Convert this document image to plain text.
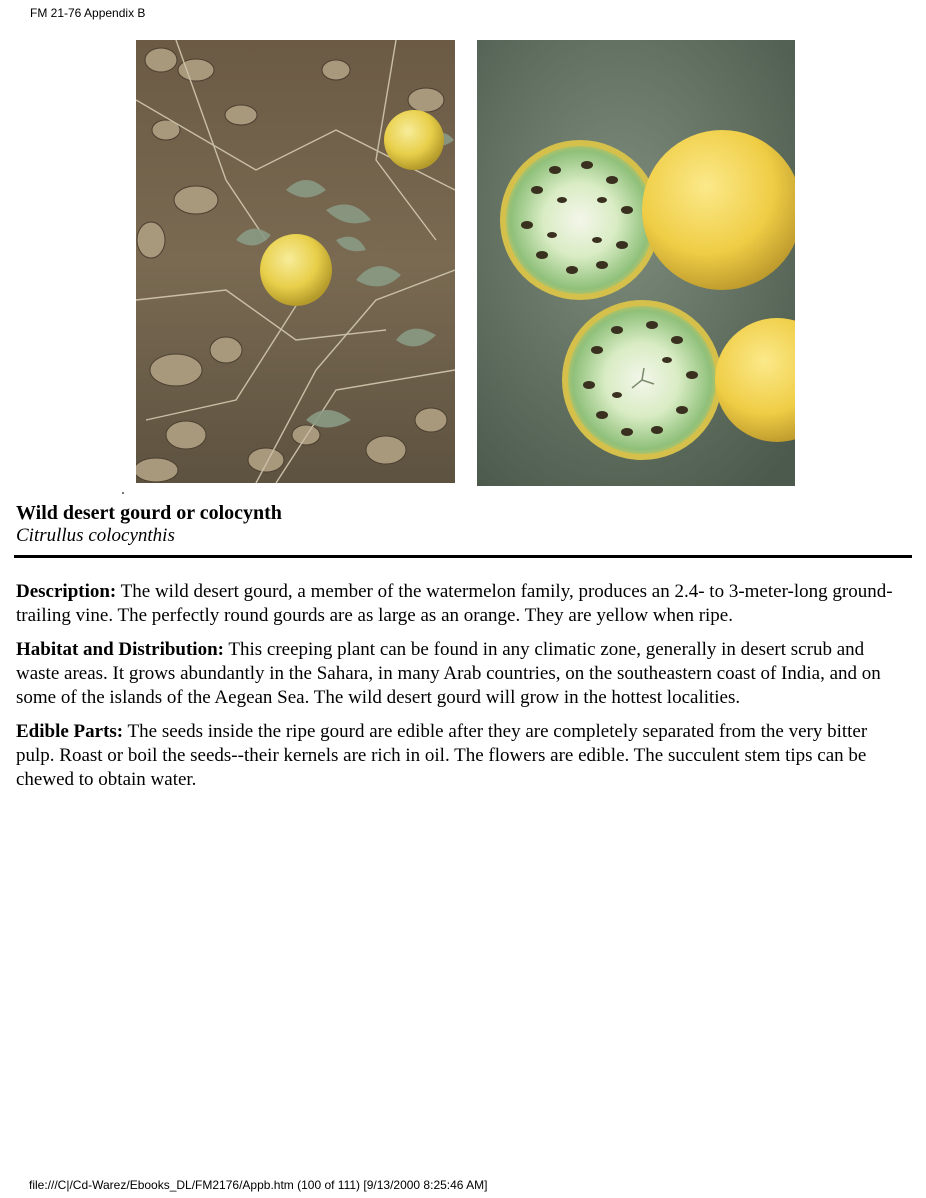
FM 21-76 Appendix B

Wild desert gourd or colocynth

Citrullus colocynthis

Description: The wild desert gourd, a member of the watermelon family, produces an 2.4- to 3-meter-long ground-trailing vine. The perfectly round gourds are as large as an orange. They are yellow when ripe.

Habitat and Distribution: This creeping plant can be found in any climatic zone, generally in desert scrub and waste areas. It grows abundantly in the Sahara, in many Arab countries, on the southeastern coast of India, and on some of the islands of the Aegean Sea. The wild desert gourd will grow in the hottest localities.

Edible Parts: The seeds inside the ripe gourd are edible after they are completely separated from the very bitter pulp. Roast or boil the seeds--their kernels are rich in oil. The flowers are edible. The succulent stem tips can be chewed to obtain water.

file:///C|/Cd-Warez/Ebooks_DL/FM2176/Appb.htm (100 of 111) [9/13/2000 8:25:46 AM]
